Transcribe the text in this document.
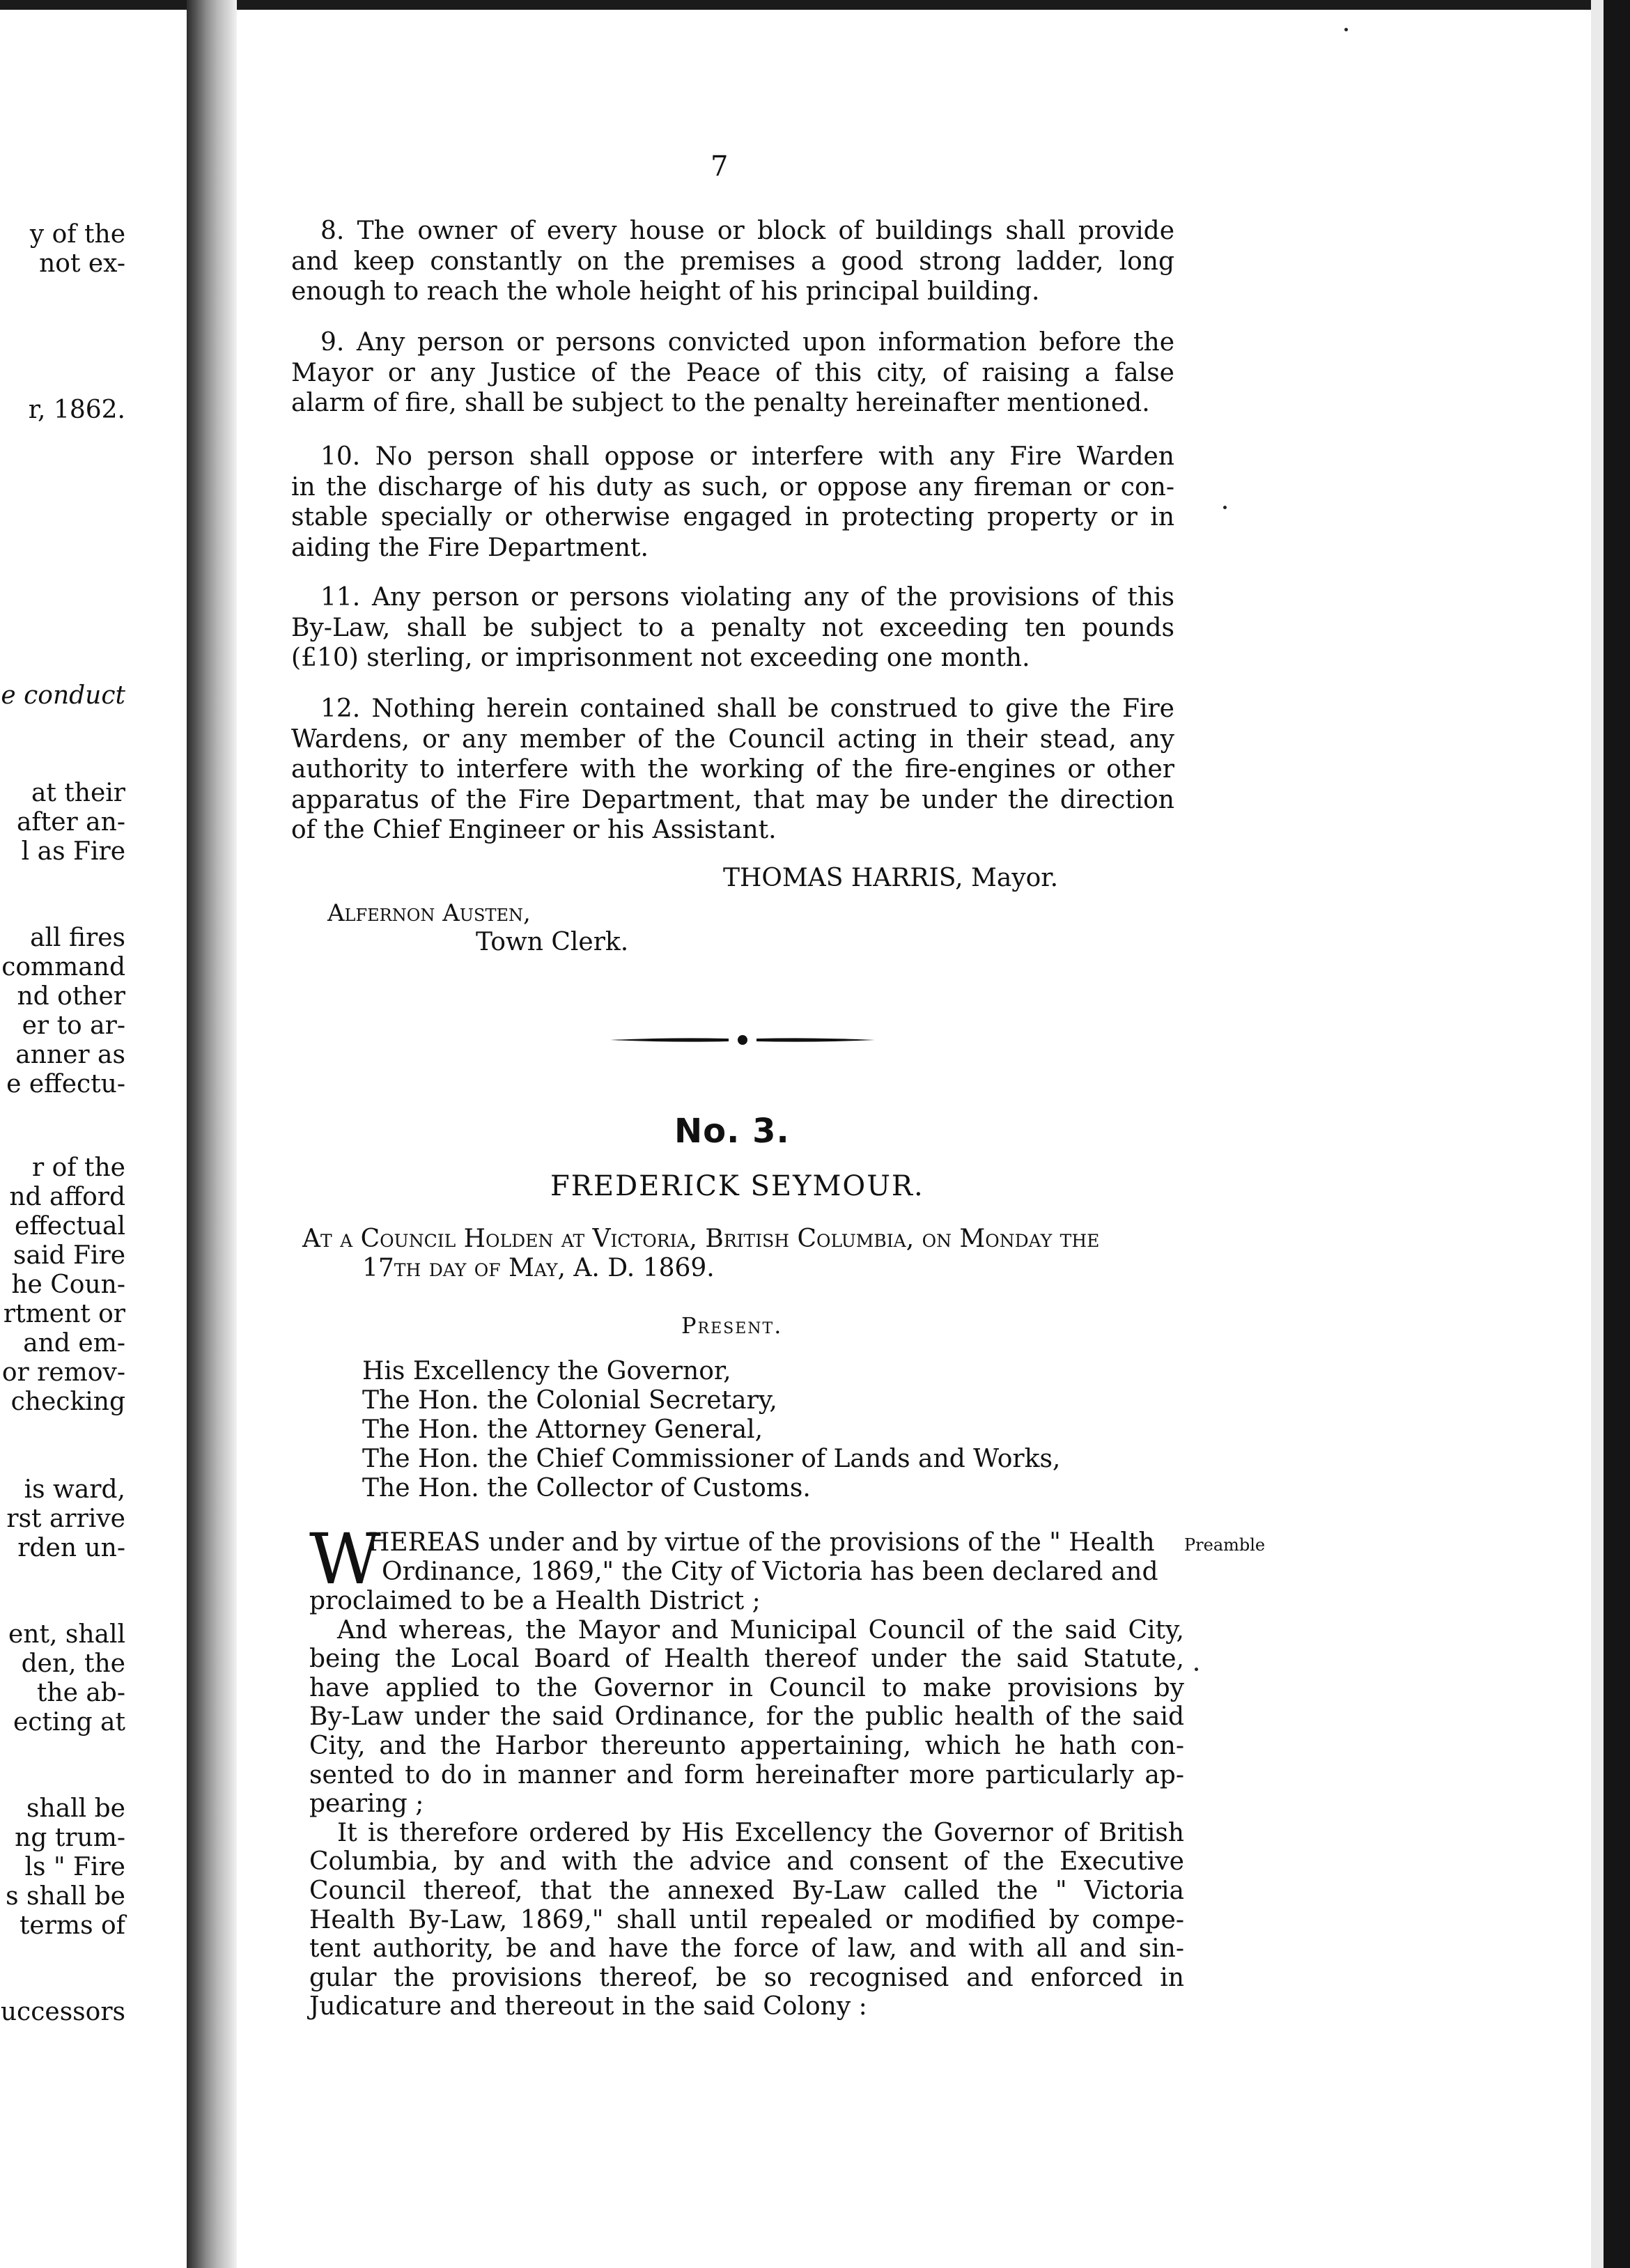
y of the
not ex-
r, 1862.
e conduct
at their
after an-
l as Fire
all fires
command
nd other
er to ar-
anner as
e effectu-
r of the
nd afford
effectual
said Fire
he Coun-
rtment or
and em-
or remov-
checking
is ward,
rst arrive
rden un-
ent, shall
den, the
the ab-
ecting at
shall be
ng trum-
ls " Fire
s shall be
terms of
uccessors
7
8. The owner of every house or block of buildings shall provide
and keep constantly on the premises a good strong ladder, long
enough to reach the whole height of his principal building.
9. Any person or persons convicted upon information before the
Mayor or any Justice of the Peace of this city, of raising a false
alarm of fire, shall be subject to the penalty hereinafter mentioned.
10. No person shall oppose or interfere with any Fire Warden
in the discharge of his duty as such, or oppose any fireman or con-
stable specially or otherwise engaged in protecting property or in
aiding the Fire Department.
11. Any person or persons violating any of the provisions of this
By-Law, shall be subject to a penalty not exceeding ten pounds
(£10) sterling, or imprisonment not exceeding one month.
12. Nothing herein contained shall be construed to give the Fire
Wardens, or any member of the Council acting in their stead, any
authority to interfere with the working of the fire-engines or other
apparatus of the Fire Department, that may be under the direction
of the Chief Engineer or his Assistant.
THOMAS HARRIS, Mayor.
Alfernon Austen,
Town Clerk.
No. 3.
FREDERICK SEYMOUR.
At a Council Holden at Victoria, British Columbia, on Monday the
17th day of May, A. D. 1869.
Present.
His Excellency the Governor,
The Hon. the Colonial Secretary,
The Hon. the Attorney General,
The Hon. the Chief Commissioner of Lands and Works,
The Hon. the Collector of Customs.
Preamble
W
HEREAS under and by virtue of the provisions of the " Health
Ordinance, 1869," the City of Victoria has been declared and
proclaimed to be a Health District ;
And whereas, the Mayor and Municipal Council of the said City,
being the Local Board of Health thereof under the said Statute,
have applied to the Governor in Council to make provisions by
By-Law under the said Ordinance, for the public health of the said
City, and the Harbor thereunto appertaining, which he hath con-
sented to do in manner and form hereinafter more particularly ap-
pearing ;
It is therefore ordered by His Excellency the Governor of British
Columbia, by and with the advice and consent of the Executive
Council thereof, that the annexed By-Law called the " Victoria
Health By-Law, 1869," shall until repealed or modified by compe-
tent authority, be and have the force of law, and with all and sin-
gular the provisions thereof, be so recognised and enforced in
Judicature and thereout in the said Colony :
